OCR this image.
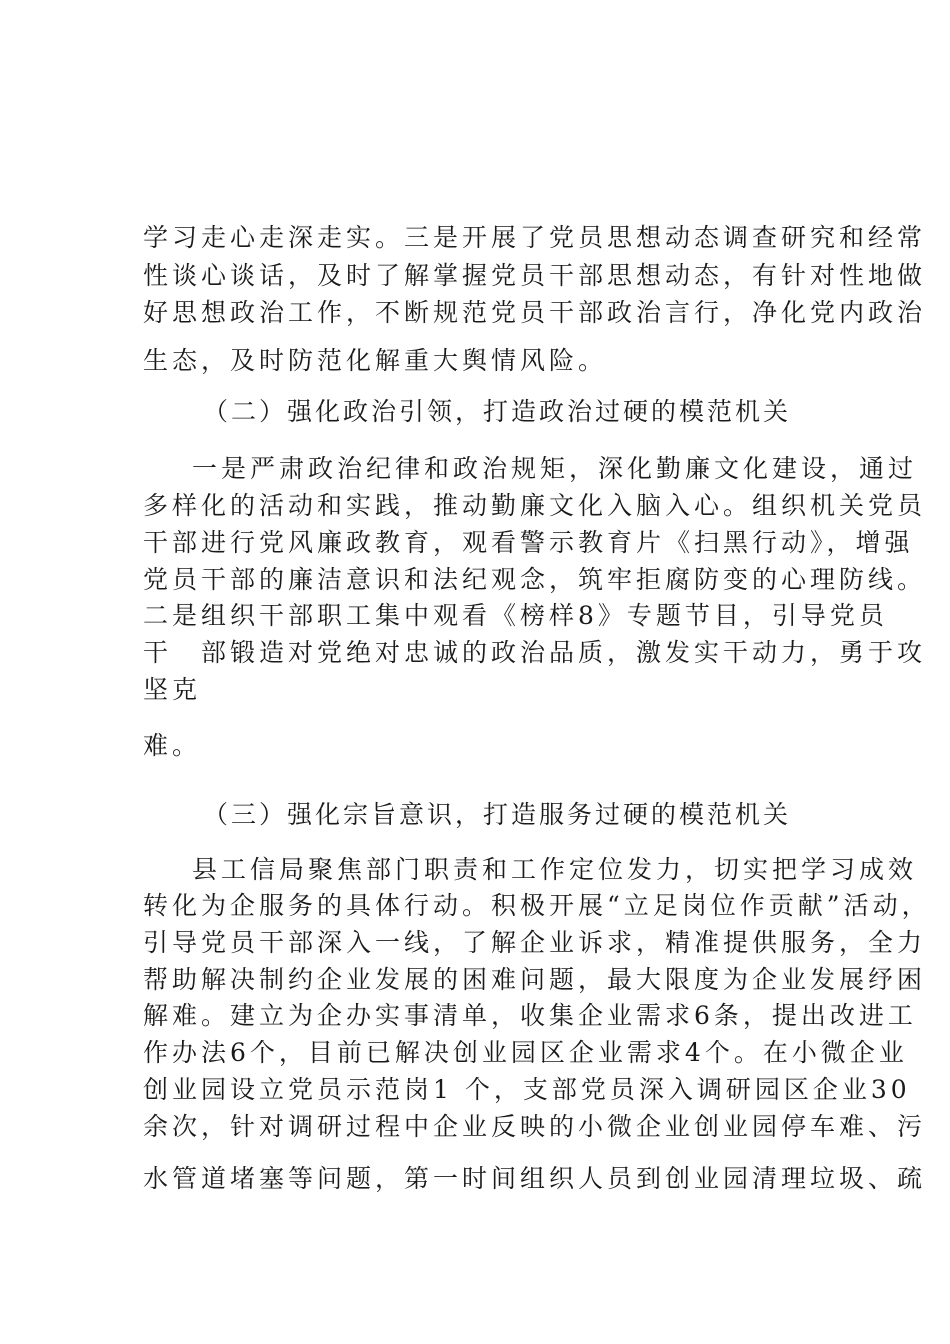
学习走心走深走实。三是开展了党员思想动态调查研究和经常
性谈心谈话，及时了解掌握党员干部思想动态，有针对性地做
好思想政治工作，不断规范党员干部政治言行，净化党内政治
生态，及时防范化解重大舆情风险。
（二）强化政治引领，打造政治过硬的模范机关
一是严肃政治纪律和政治规矩，深化勤廉文化建设，通过
多样化的活动和实践，推动勤廉文化入脑入心。组织机关党员
干部进行党风廉政教育，观看警示教育片《扫黑行动》，增强
党员干部的廉洁意识和法纪观念，筑牢拒腐防变的心理防线。
二是组织干部职工集中观看《榜样8》专题节目，引导党员
干　部锻造对党绝对忠诚的政治品质，激发实干动力，勇于攻
坚克
难。
（三）强化宗旨意识，打造服务过硬的模范机关
县工信局聚焦部门职责和工作定位发力，切实把学习成效
转化为企服务的具体行动。积极开展“立足岗位作贡献”活动，
引导党员干部深入一线，了解企业诉求，精准提供服务，全力
帮助解决制约企业发展的困难问题，最大限度为企业发展纾困
解难。建立为企办实事清单，收集企业需求6条，提出改进工
作办法6个，目前已解决创业园区企业需求4个。在小微企业
创业园设立党员示范岗1 个，支部党员深入调研园区企业30
余次，针对调研过程中企业反映的小微企业创业园停车难、污
水管道堵塞等问题，第一时间组织人员到创业园清理垃圾、疏
